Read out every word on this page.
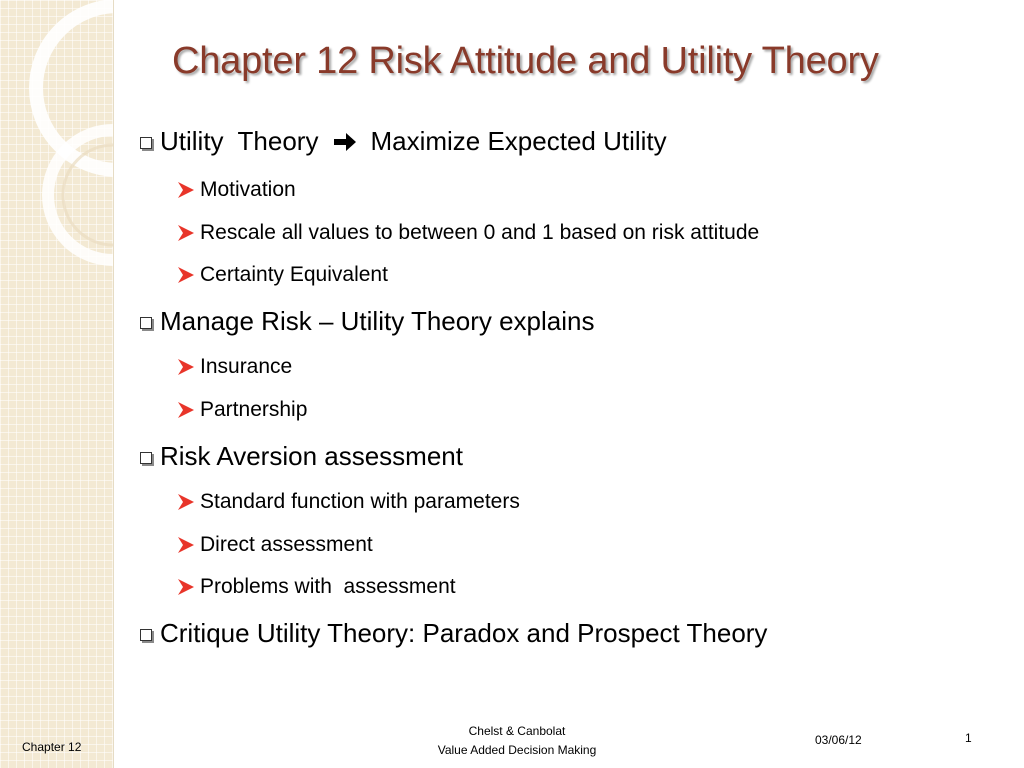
Chapter 12 Risk Attitude and Utility Theory
Utility  Theory Maximize Expected Utility
Motivation
Rescale all values to between 0 and 1 based on risk attitude
Certainty Equivalent
Manage Risk – Utility Theory explains
Insurance
Partnership
Risk Aversion assessment
Standard function with parameters
Direct assessment
Problems with  assessment
Critique Utility Theory: Paradox and Prospect Theory
Chapter 12
Chelst & Canbolat
Value Added Decision Making
03/06/12	1
